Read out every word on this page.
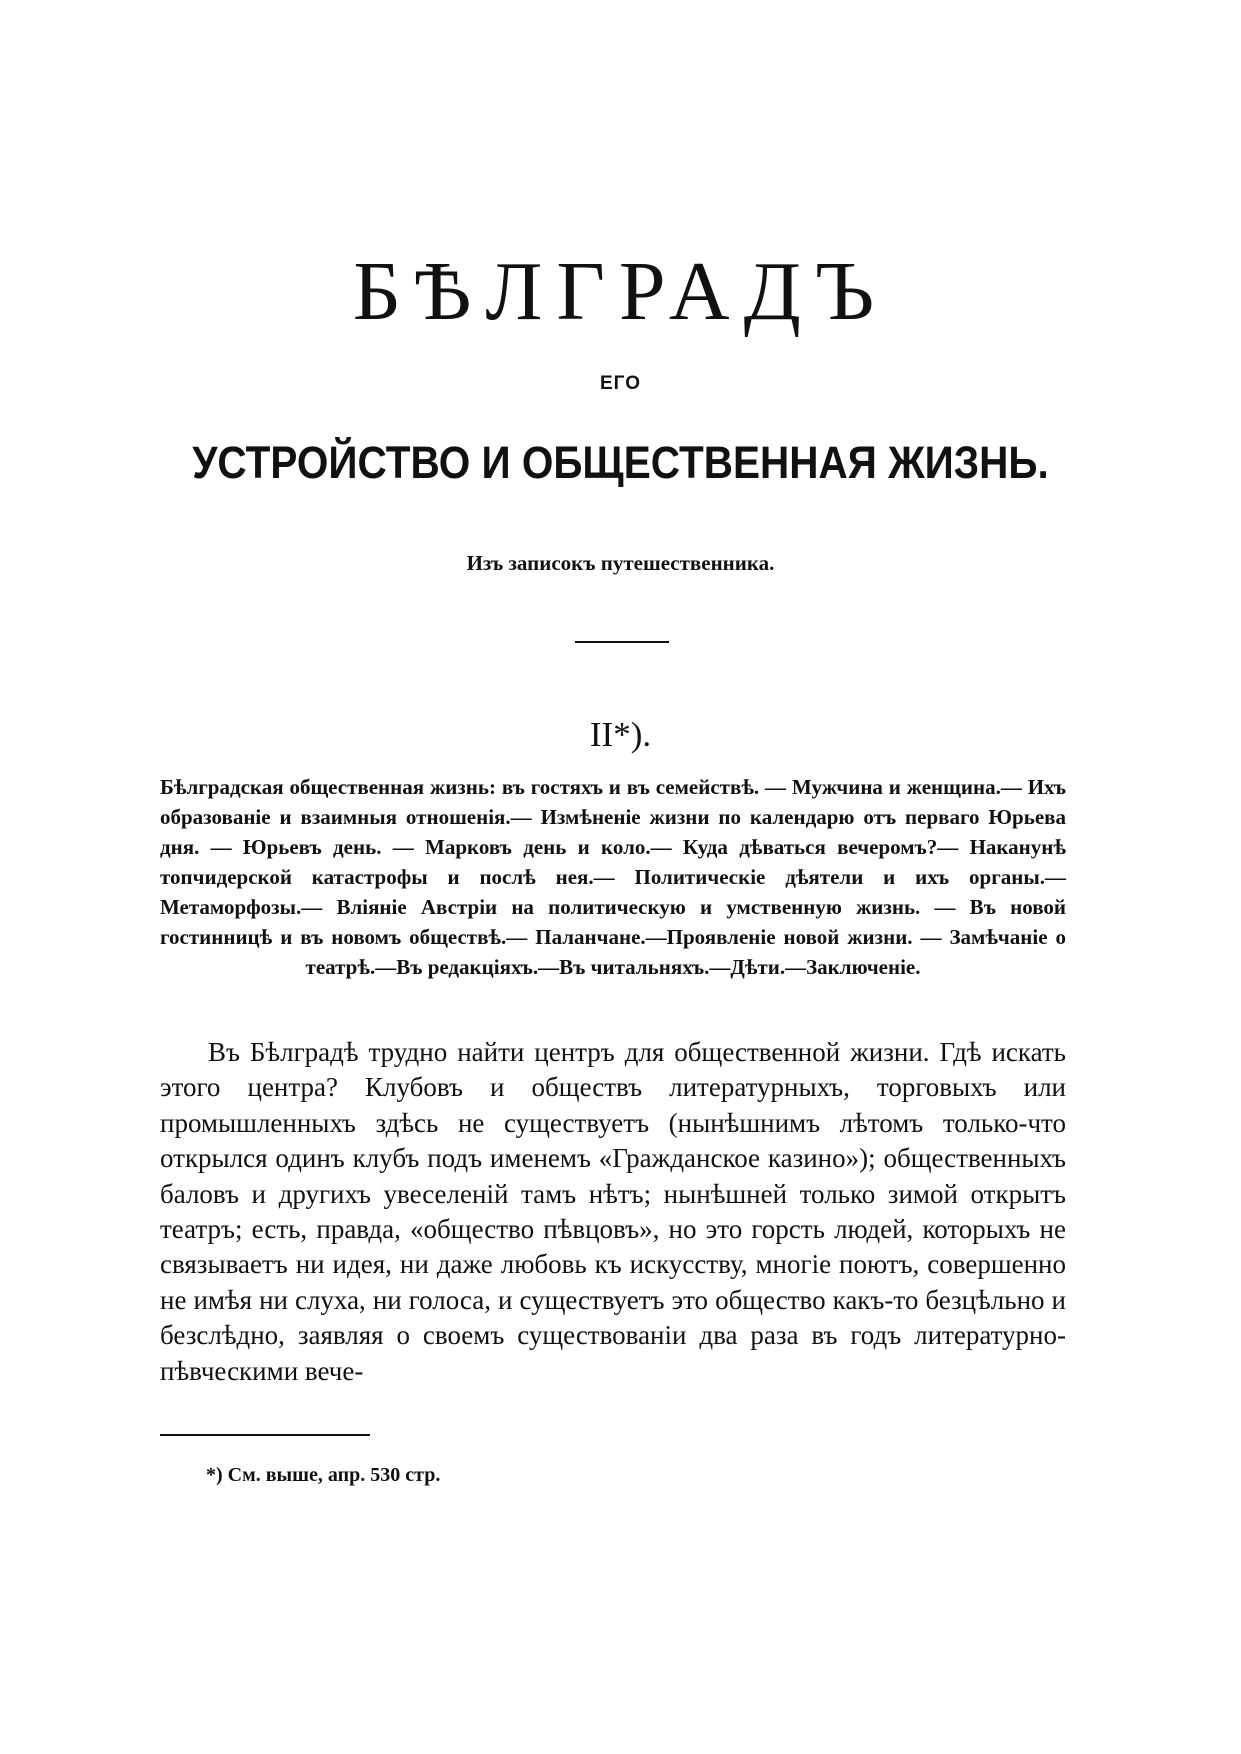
БѢЛГРАДЪ
ЕГО
УСТРОЙСТВО И ОБЩЕСТВЕННАЯ ЖИЗНЬ.
Изъ записокъ путешественника.
II*).

Бѣлградская общественная жизнь: въ гостяхъ и въ семействѣ. — Мужчина и женщина.— Ихъ образованіе и взаимныя отношенія.— Измѣненіе жизни по календарю отъ перваго Юрьева дня. — Юрьевъ день. — Марковъ день и коло.— Куда дѣваться вечеромъ?— Наканунѣ топчидерской катастрофы и послѣ нея.— Политическіе дѣятели и ихъ органы.— Метаморфозы.— Вліяніе Австріи на политическую и умственную жизнь. — Въ новой гостинницѣ и въ новомъ обществѣ.— Паланчане.—Проявленіе новой жизни. — Замѣчаніе о театрѣ.—Въ редакціяхъ.—Въ читальняхъ.—Дѣти.—Заключеніе.

Въ Бѣлградѣ трудно найти центръ для общественной жизни. Гдѣ искать этого центра? Клубовъ и обществъ литературныхъ, торговыхъ или промышленныхъ здѣсь не существуетъ (нынѣшнимъ лѣтомъ только-что открылся одинъ клубъ подъ именемъ «Гражданское казино»); общественныхъ баловъ и другихъ увеселеній тамъ нѣтъ; нынѣшней только зимой открытъ театръ; есть, правда, «общество пѣвцовъ», но это горсть людей, которыхъ не связываетъ ни идея, ни даже любовь къ искусству, многіе поютъ, совершенно не имѣя ни слуха, ни голоса, и существуетъ это общество какъ-то безцѣльно и безслѣдно, заявляя о своемъ существованіи два раза въ годъ литературно-пѣвческими вече-

*) См. выше, апр. 530 стр.
